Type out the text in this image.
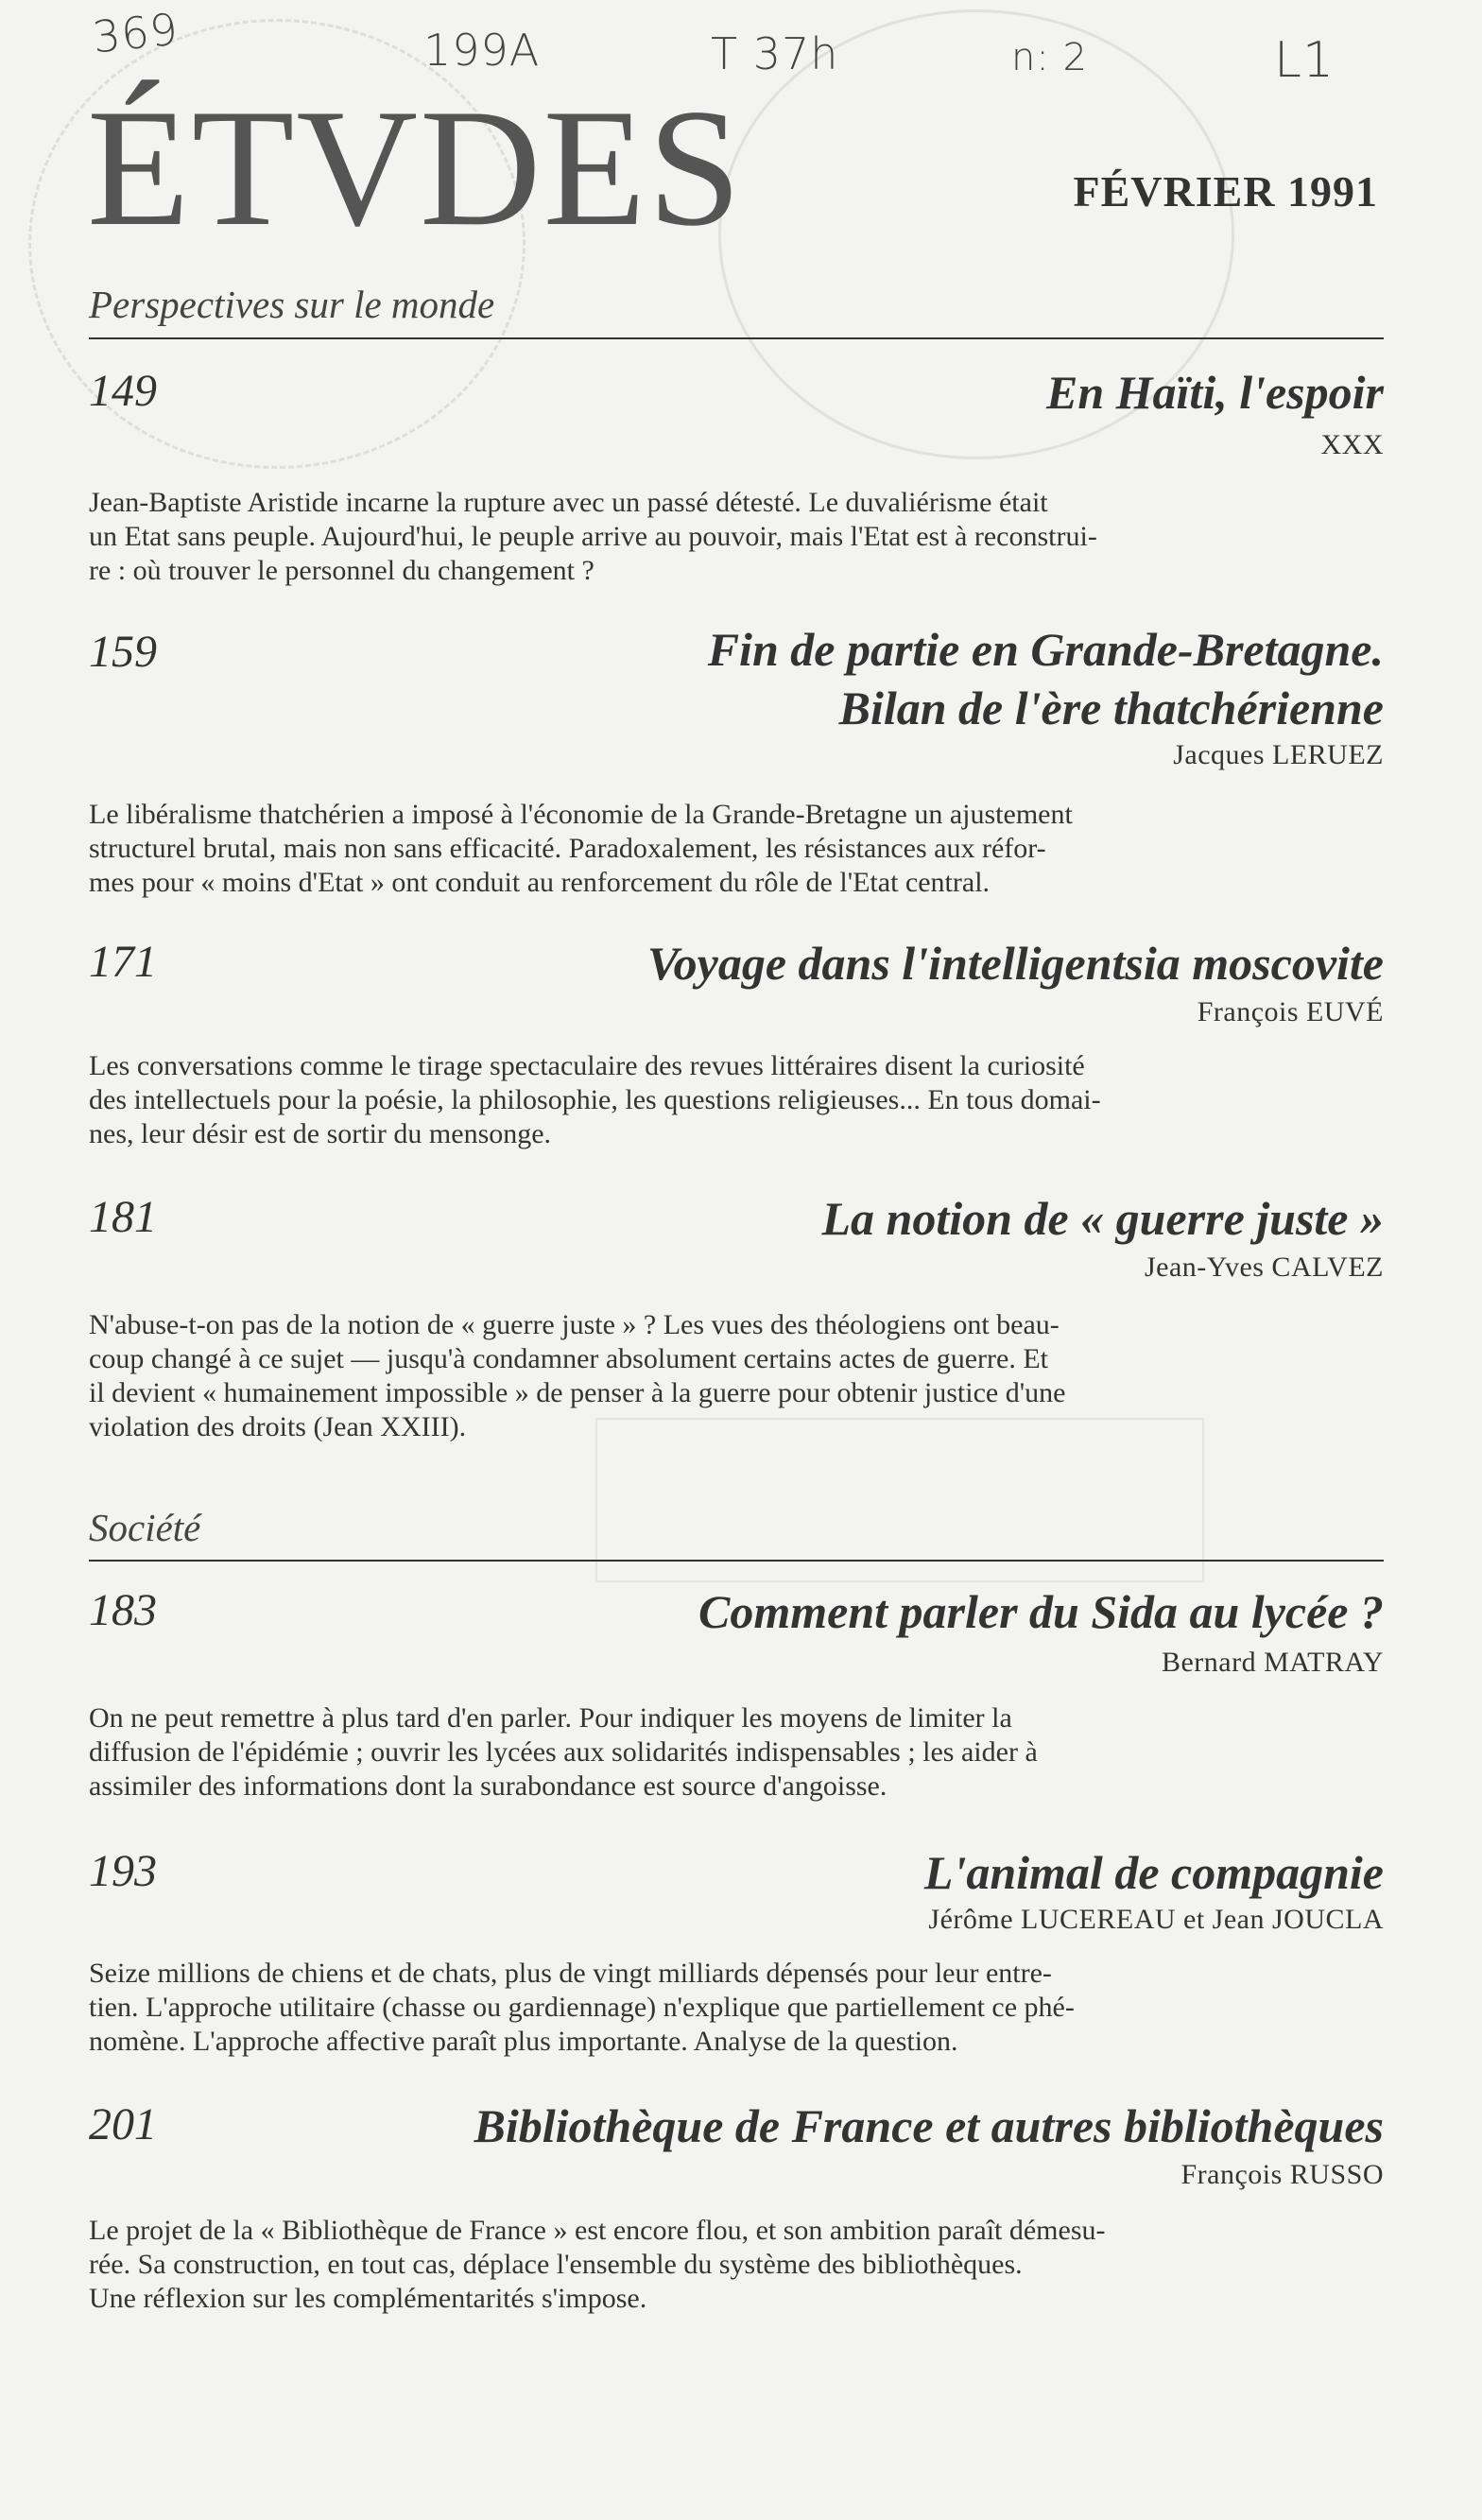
369	199A	T 37h	n: 2	L1
ÉTVDES	FÉVRIER 1991
Perspectives sur le monde
149	En Haïti, l'espoir
XXX
Jean-Baptiste Aristide incarne la rupture avec un passé détesté. Le duvaliérisme était
un Etat sans peuple. Aujourd'hui, le peuple arrive au pouvoir, mais l'Etat est à reconstrui-
re : où trouver le personnel du changement ?
159	Fin de partie en Grande-Bretagne.
Bilan de l'ère thatchérienne
Jacques LERUEZ
Le libéralisme thatchérien a imposé à l'économie de la Grande-Bretagne un ajustement
structurel brutal, mais non sans efficacité. Paradoxalement, les résistances aux réfor-
mes pour « moins d'Etat » ont conduit au renforcement du rôle de l'Etat central.
171	Voyage dans l'intelligentsia moscovite
François EUVÉ
Les conversations comme le tirage spectaculaire des revues littéraires disent la curiosité
des intellectuels pour la poésie, la philosophie, les questions religieuses... En tous domai-
nes, leur désir est de sortir du mensonge.
181	La notion de « guerre juste »
Jean-Yves CALVEZ
N'abuse-t-on pas de la notion de « guerre juste » ? Les vues des théologiens ont beau-
coup changé à ce sujet — jusqu'à condamner absolument certains actes de guerre. Et
il devient « humainement impossible » de penser à la guerre pour obtenir justice d'une
violation des droits (Jean XXIII).
Société
183	Comment parler du Sida au lycée ?
Bernard MATRAY
On ne peut remettre à plus tard d'en parler. Pour indiquer les moyens de limiter la
diffusion de l'épidémie ; ouvrir les lycées aux solidarités indispensables ; les aider à
assimiler des informations dont la surabondance est source d'angoisse.
193	L'animal de compagnie
Jérôme LUCEREAU et Jean JOUCLA
Seize millions de chiens et de chats, plus de vingt milliards dépensés pour leur entre-
tien. L'approche utilitaire (chasse ou gardiennage) n'explique que partiellement ce phé-
nomène. L'approche affective paraît plus importante. Analyse de la question.
201	Bibliothèque de France et autres bibliothèques
François RUSSO
Le projet de la « Bibliothèque de France » est encore flou, et son ambition paraît démesu-
rée. Sa construction, en tout cas, déplace l'ensemble du système des bibliothèques.
Une réflexion sur les complémentarités s'impose.
